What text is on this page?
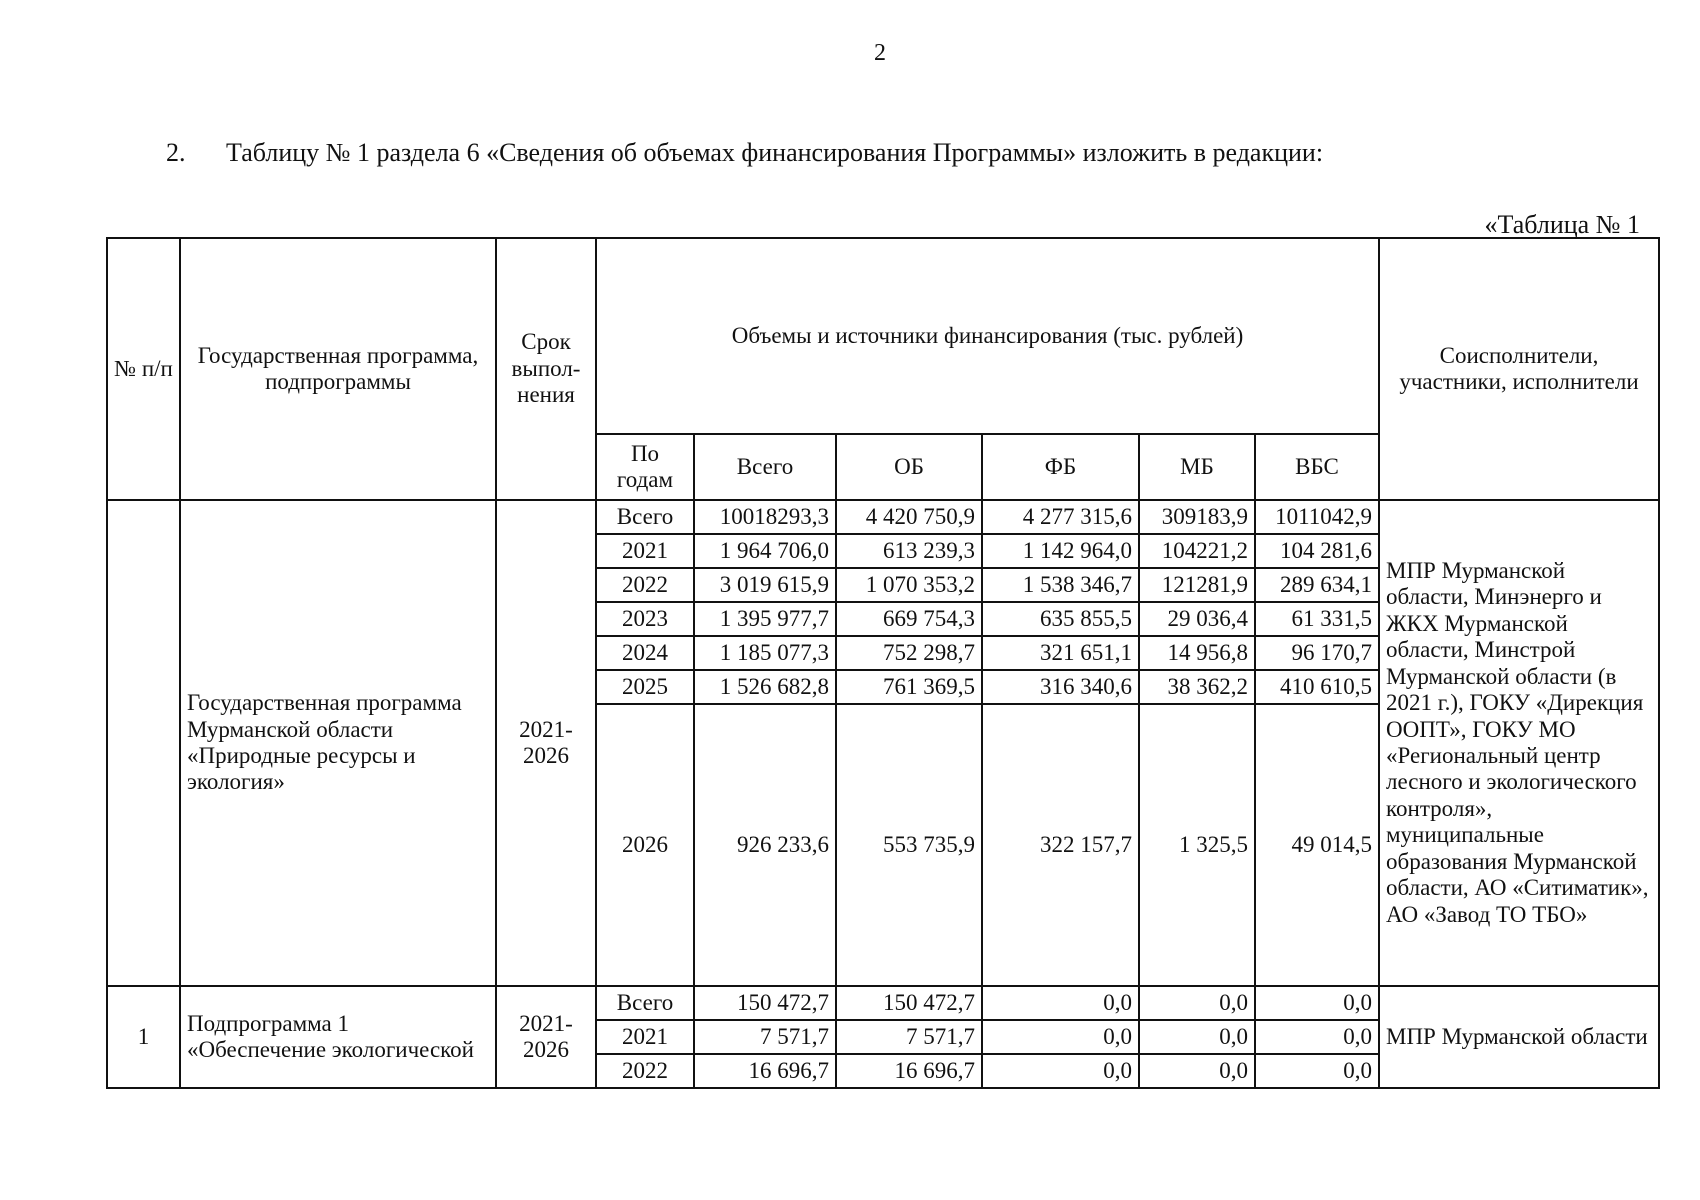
2
2. Таблицу № 1 раздела 6 «Сведения об объемах финансирования Программы» изложить в редакции:
«Таблица № 1
№ п/п	Государственная программа, подпрограммы	Срок выпол-нения	Объемы и источники финансирования (тыс. рублей)						Соисполнители, участники, исполнители
			По годам	Всего	ОБ	ФБ	МБ	ВБС	
	Государственная программа Мурманской области «Природные ресурсы и экология»	2021-2026	Всего	10018293,3	4 420 750,9	4 277 315,6	309183,9	1011042,9	МПР Мурманской области, Минэнерго и ЖКХ Мурманской области, Минстрой Мурманской области (в 2021 г.), ГОКУ «Дирекция ООПТ», ГОКУ МО «Региональный центр лесного и экологического контроля», муниципальные образования Мурманской области, АО «Ситиматик», АО «Завод ТО ТБО»
			2021	1 964 706,0	613 239,3	1 142 964,0	104221,2	104 281,6	
			2022	3 019 615,9	1 070 353,2	1 538 346,7	121281,9	289 634,1	
			2023	1 395 977,7	669 754,3	635 855,5	29 036,4	61 331,5	
			2024	1 185 077,3	752 298,7	321 651,1	14 956,8	96 170,7	
			2025	1 526 682,8	761 369,5	316 340,6	38 362,2	410 610,5	
			2026	926 233,6	553 735,9	322 157,7	1 325,5	49 014,5	
1	Подпрограмма 1 «Обеспечение экологической	2021-2026	Всего	150 472,7	150 472,7	0,0	0,0	0,0	МПР Мурманской области
			2021	7 571,7	7 571,7	0,0	0,0	0,0	
			2022	16 696,7	16 696,7	0,0	0,0	0,0	
